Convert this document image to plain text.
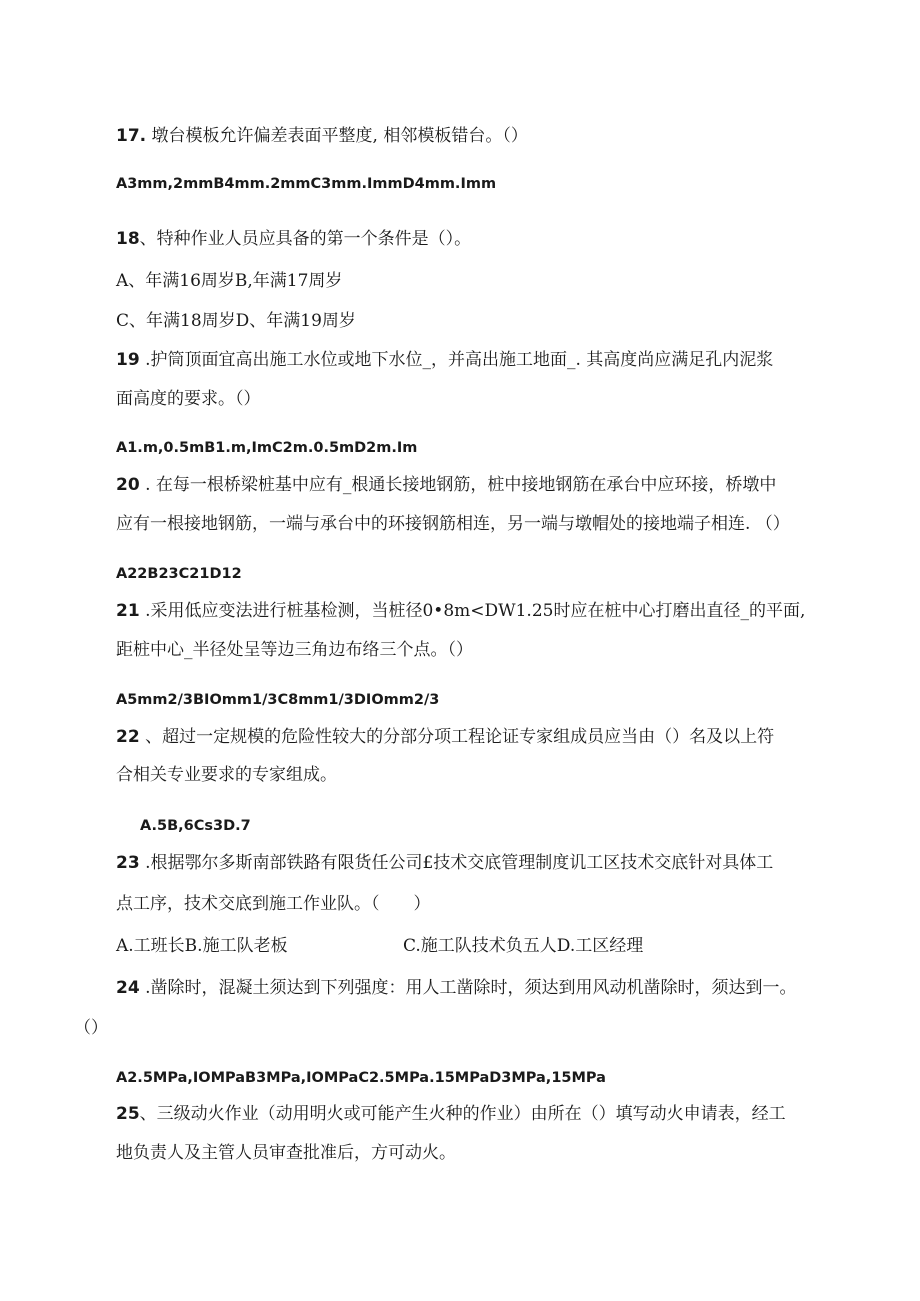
17. 墩台模板允许偏差表面平整度, 相邻模板错台。（）
A3mm,2mmB4mm.2mmC3mm.ImmD4mm.Imm
18、特种作业人员应具备的第一个条件是（）。
A、年满16周岁B,年满17周岁
C、年满18周岁D、年满19周岁
19 .护筒顶面宜高出施工水位或地下水位_，并高出施工地面_. 其高度尚应满足孔内泥浆
面高度的要求。（）
A1.m,0.5mB1.m,ImC2m.0.5mD2m.Im
20 . 在每一根桥梁桩基中应有_根通长接地钢筋，桩中接地钢筋在承台中应环接，桥墩中
应有一根接地钢筋，一端与承台中的环接钢筋相连，另一端与墩帽处的接地端子相连. （）
A22B23C21D12
21 .采用低应变法进行桩基检测，当桩径0•8m<DW1.25时应在桩中心打磨出直径_的平面,
距桩中心_半径处呈等边三角边布络三个点。（）
A5mm2/3BIOmm1/3C8mm1/3DIOmm2/3
22 、超过一定规模的危险性较大的分部分项工程论证专家组成员应当由（）名及以上符
合相关专业要求的专家组成。
A.5B,6Cs3D.7
23 .根据鄂尔多斯南部铁路有限货任公司£技术交底管理制度讥工区技术交底针对具体工
点工序，技术交底到施工作业队。（　　）
A.工班长B.施工队老板	C.施工队技术负五人D.工区经理
24 .凿除时，混凝土须达到下列强度：用人工凿除时，须达到用风动机凿除时，须达到一。
（）
A2.5MPa,IOMPaB3MPa,IOMPaC2.5MPa.15MPaD3MPa,15MPa
25、三级动火作业（动用明火或可能产生火种的作业）由所在（）填写动火申请表，经工
地负责人及主管人员审查批准后，方可动火。
